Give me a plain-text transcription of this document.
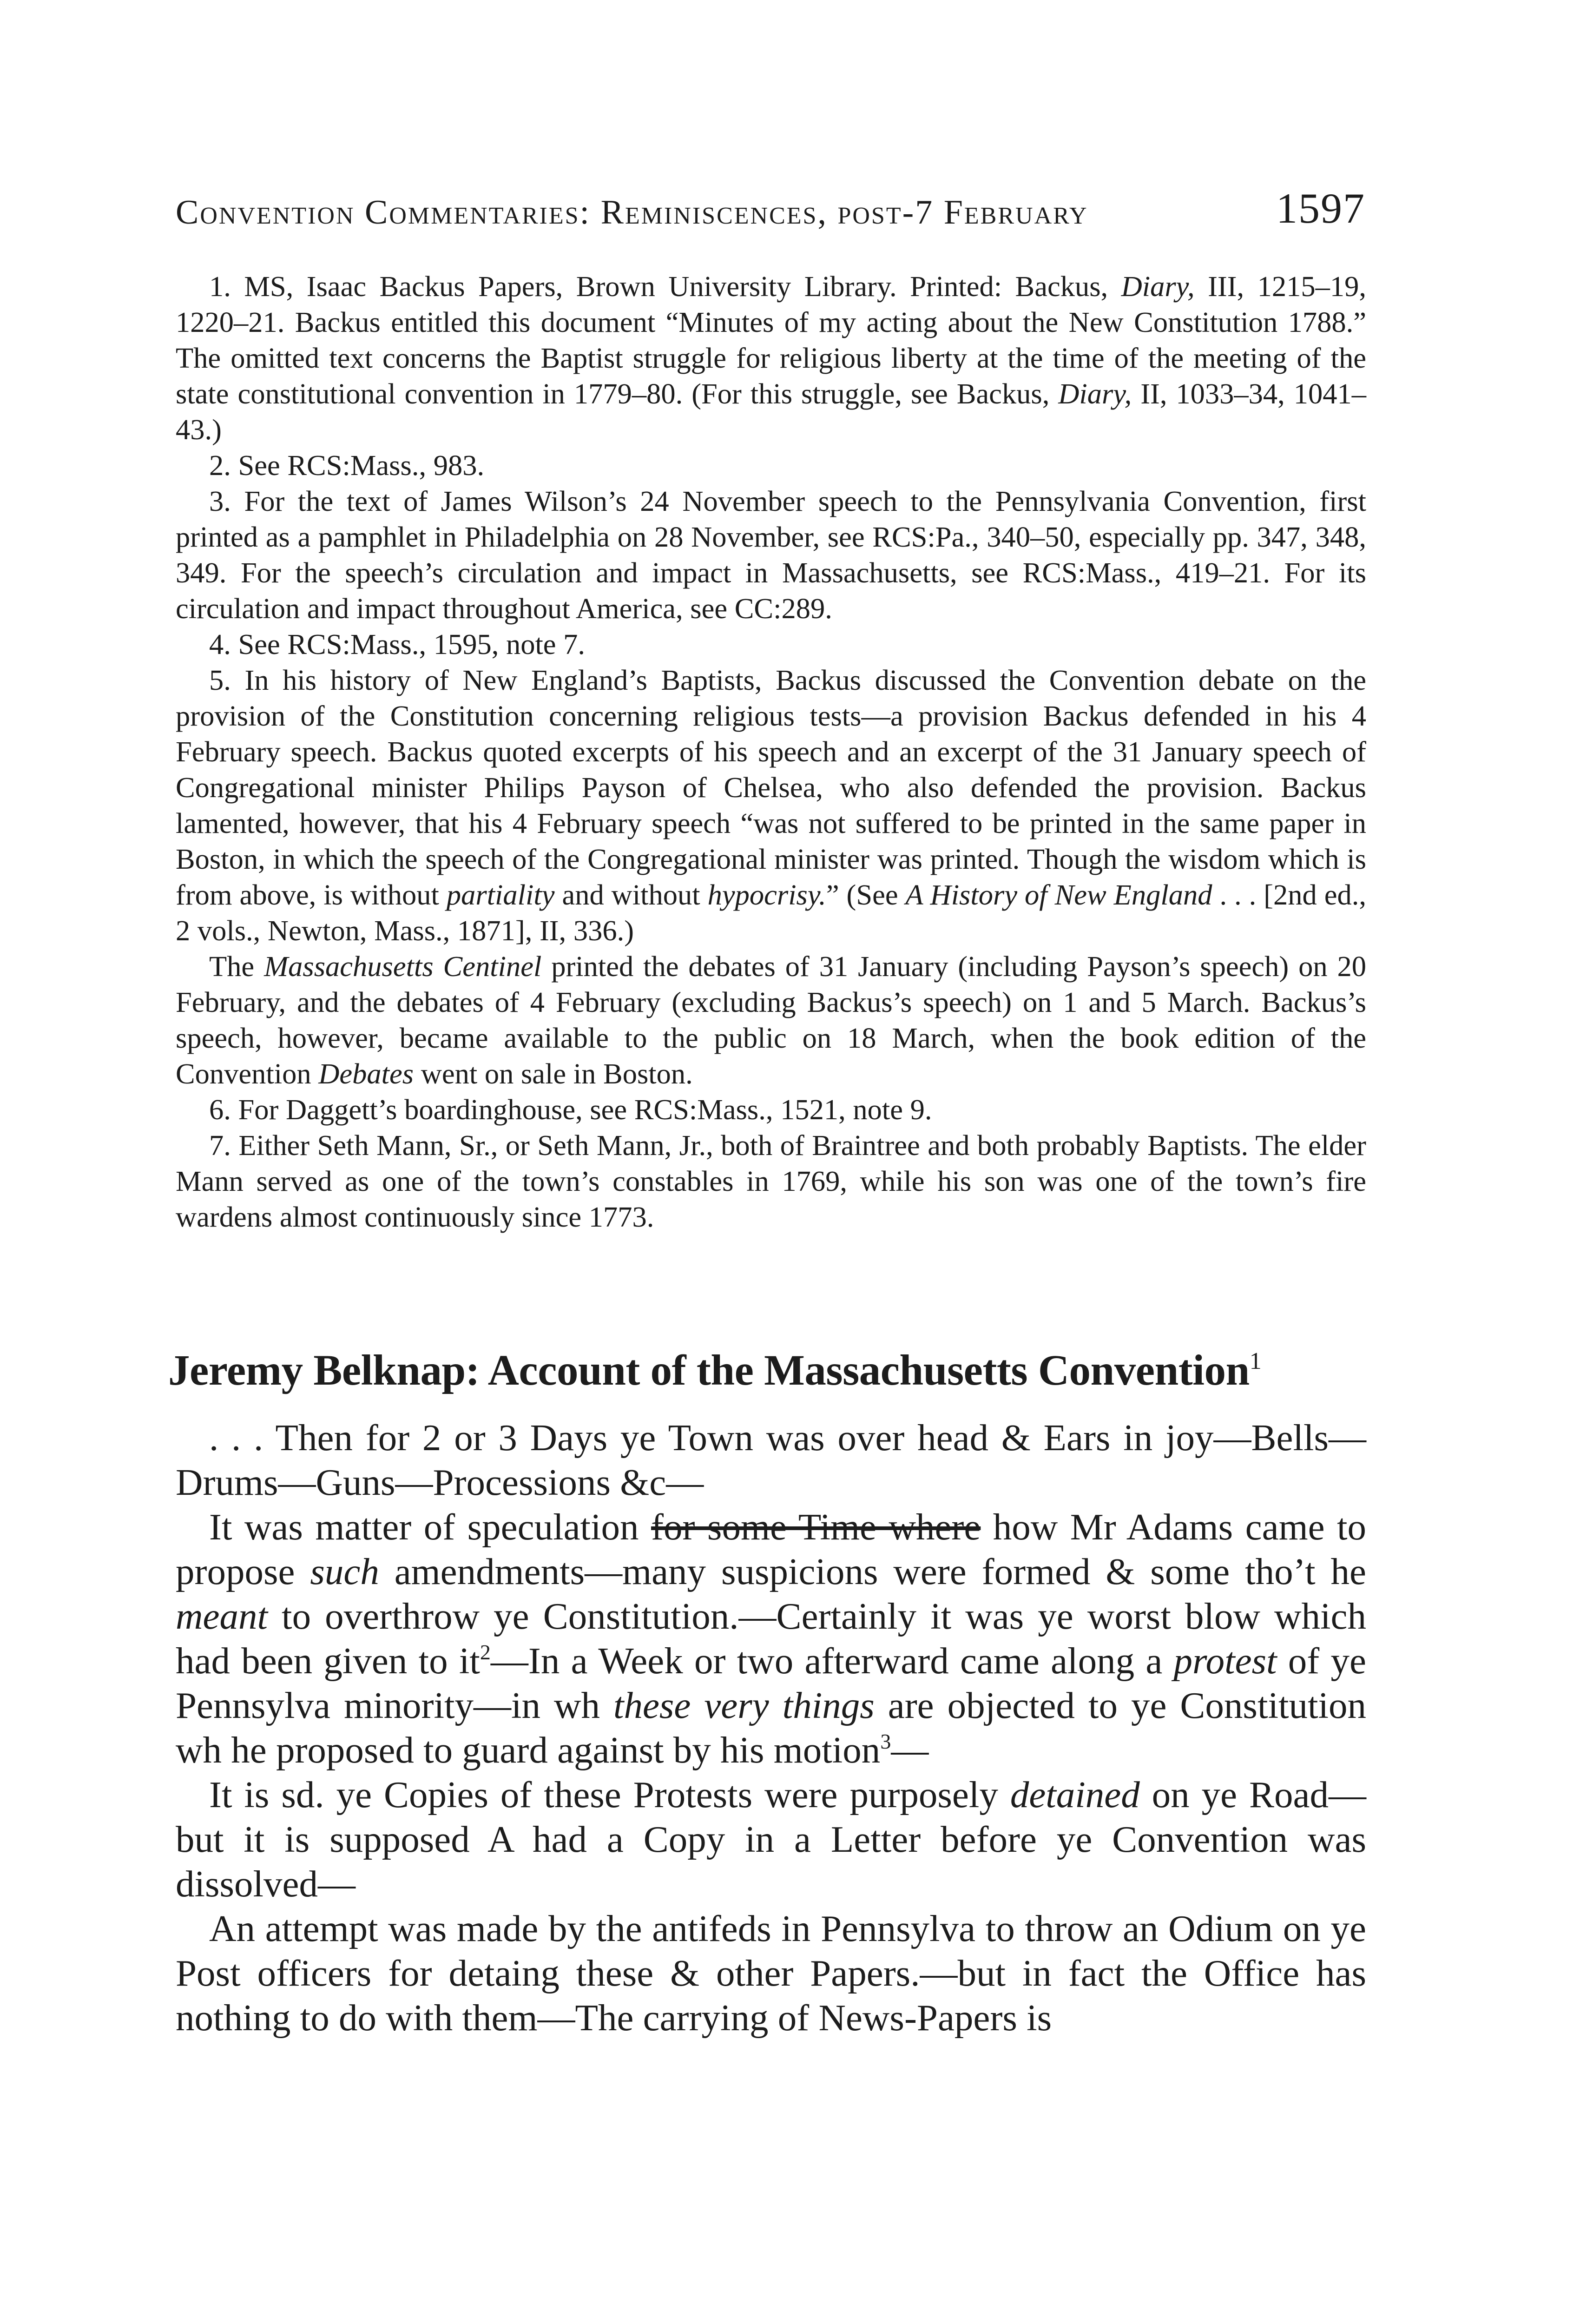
Convention Commentaries: Reminiscences, post-7 February	1597

1. MS, Isaac Backus Papers, Brown University Library. Printed: Backus, Diary, III, 1215–19, 1220–21. Backus entitled this document “Minutes of my acting about the New Constitution 1788.” The omitted text concerns the Baptist struggle for religious liberty at the time of the meeting of the state constitutional convention in 1779–80. (For this struggle, see Backus, Diary, II, 1033–34, 1041–43.)

2. See RCS:Mass., 983.

3. For the text of James Wilson’s 24 November speech to the Pennsylvania Convention, first printed as a pamphlet in Philadelphia on 28 November, see RCS:Pa., 340–50, especially pp. 347, 348, 349. For the speech’s circulation and impact in Massachusetts, see RCS:Mass., 419–21. For its circulation and impact throughout America, see CC:289.

4. See RCS:Mass., 1595, note 7.

5. In his history of New England’s Baptists, Backus discussed the Convention debate on the provision of the Constitution concerning religious tests—a provision Backus defended in his 4 February speech. Backus quoted excerpts of his speech and an excerpt of the 31 January speech of Congregational minister Philips Payson of Chelsea, who also defended the provision. Backus lamented, however, that his 4 February speech “was not suffered to be printed in the same paper in Boston, in which the speech of the Congregational minister was printed. Though the wisdom which is from above, is without partiality and without hypocrisy.” (See A History of New England . . . [2nd ed., 2 vols., Newton, Mass., 1871], II, 336.)

The Massachusetts Centinel printed the debates of 31 January (including Payson’s speech) on 20 February, and the debates of 4 February (excluding Backus’s speech) on 1 and 5 March. Backus’s speech, however, became available to the public on 18 March, when the book edition of the Convention Debates went on sale in Boston.

6. For Daggett’s boardinghouse, see RCS:Mass., 1521, note 9.

7. Either Seth Mann, Sr., or Seth Mann, Jr., both of Braintree and both probably Baptists. The elder Mann served as one of the town’s constables in 1769, while his son was one of the town’s fire wardens almost continuously since 1773.

Jeremy Belknap: Account of the Massachusetts Convention$^1$

. . . Then for 2 or 3 Days ye Town was over head & Ears in joy—Bells—Drums—Guns—Processions &c—

It was matter of speculation for some Time where how Mr Adams came to propose such amendments—many suspicions were formed & some tho’t he meant to overthrow ye Constitution.—Certainly it was ye worst blow which had been given to $it^2—In$ a Week or two afterward came along a protest of ye Pennsylva minority—in wh these very things are objected to ye Constitution wh he proposed to guard against by his motion$^3$—

It is sd. ye Copies of these Protests were purposely detained on ye Road—but it is supposed A had a Copy in a Letter before ye Convention was dissolved—

An attempt was made by the antifeds in Pennsylva to throw an Odium on ye Post officers for detaing these & other Papers.—but in fact the Office has nothing to do with them—The carrying of News-Papers is
